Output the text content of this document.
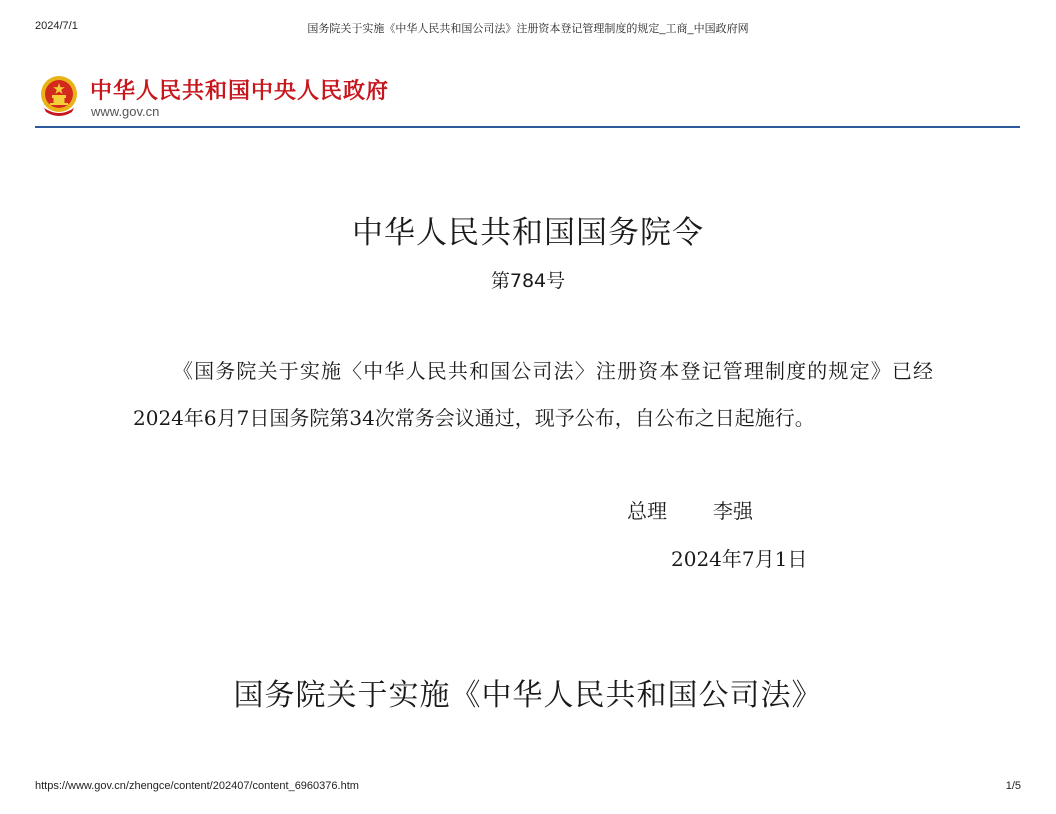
2024/7/1	国务院关于实施《中华人民共和国公司法》注册资本登记管理制度的规定_工商_中国政府网
中华人民共和国中央人民政府
www.gov.cn
中华人民共和国国务院令
第784号
《国务院关于实施〈中华人民共和国公司法〉注册资本登记管理制度的规定》已经2024年6月7日国务院第34次常务会议通过，现予公布，自公布之日起施行。
总理 李强
2024年7月1日
国务院关于实施《中华人民共和国公司法》
https://www.gov.cn/zhengce/content/202407/content_6960376.htm	1/5
